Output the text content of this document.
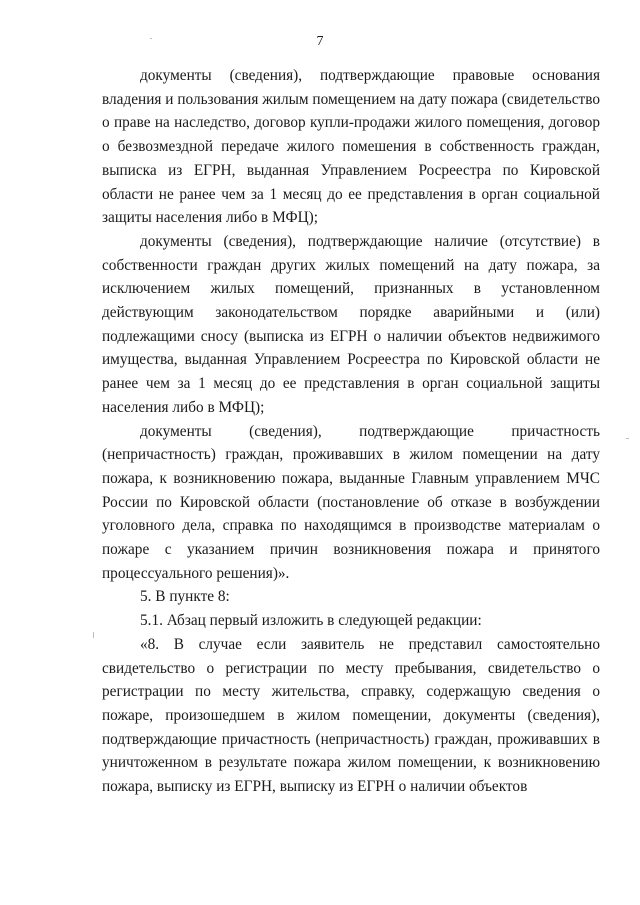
7

документы (сведения), подтверждающие правовые основания владения и пользования жилым помещением на дату пожара (свидетельство о праве на наследство, договор купли-продажи жилого помещения, договор о безвозмездной передаче жилого помешения в собственность граждан, выписка из ЕГРН, выданная Управлением Росреестра по Кировской области не ранее чем за 1 месяц до ее представления в орган социальной защиты населения либо в МФЦ);

документы (сведения), подтверждающие наличие (отсутствие) в собственности граждан других жилых помещений на дату пожара, за исключением жилых помещений, признанных в установленном действующим законодательством порядке аварийными и (или) подлежащими сносу (выписка из ЕГРН о наличии объектов недвижимого имущества, выданная Управлением Росреестра по Кировской области не ранее чем за 1 месяц до ее представления в орган социальной защиты населения либо в МФЦ);

документы (сведения), подтверждающие причастность (непричастность) граждан, проживавших в жилом помещении на дату пожара, к возникновению пожара, выданные Главным управлением МЧС России по Кировской области (постановление об отказе в возбуждении уголовного дела, справка по находящимся в производстве материалам о пожаре с указанием причин возникновения пожара и принятого процессуального решения)».

5. В пункте 8:

5.1. Абзац первый изложить в следующей редакции:

«8. В случае если заявитель не представил самостоятельно свидетельство о регистрации по месту пребывания, свидетельство о регистрации по месту жительства, справку, содержащую сведения о пожаре, произошедшем в жилом помещении, документы (сведения), подтверждающие причастность (непричастность) граждан, проживавших в уничтоженном в результате пожара жилом помещении, к возникновению пожара, выписку из ЕГРН, выписку из ЕГРН о наличии объектов
